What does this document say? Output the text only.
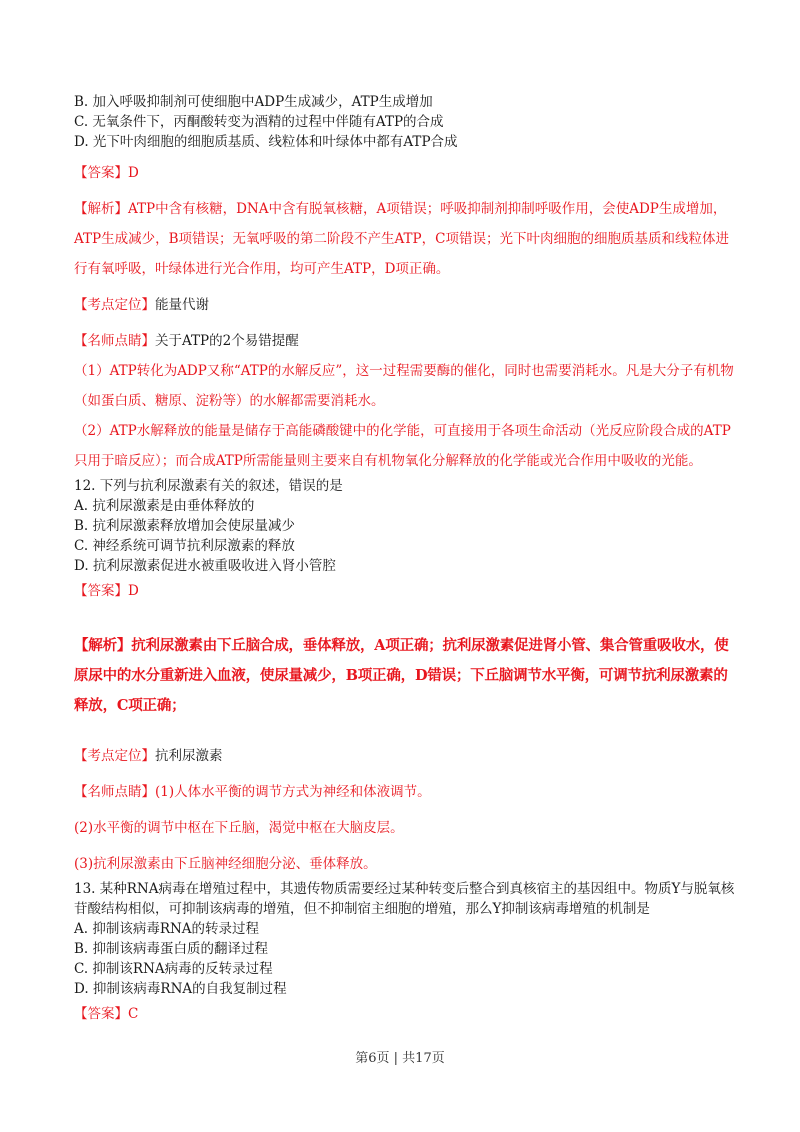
B. 加入呼吸抑制剂可使细胞中ADP生成减少，ATP生成增加

C. 无氧条件下，丙酮酸转变为酒精的过程中伴随有ATP的合成

D. 光下叶肉细胞的细胞质基质、线粒体和叶绿体中都有ATP合成

【答案】D

【解析】ATP中含有核糖，DNA中含有脱氧核糖，A项错误；呼吸抑制剂抑制呼吸作用，会使ADP生成增加，ATP生成减少，B项错误；无氧呼吸的第二阶段不产生ATP，C项错误；光下叶肉细胞的细胞质基质和线粒体进行有氧呼吸，叶绿体进行光合作用，均可产生ATP，D项正确。

【考点定位】能量代谢

【名师点睛】关于ATP的2个易错提醒

（1）ATP转化为ADP又称“ATP的水解反应”，这一过程需要酶的催化，同时也需要消耗水。凡是大分子有机物（如蛋白质、糖原、淀粉等）的水解都需要消耗水。

（2）ATP水解释放的能量是储存于高能磷酸键中的化学能，可直接用于各项生命活动（光反应阶段合成的ATP只用于暗反应）；而合成ATP所需能量则主要来自有机物氧化分解释放的化学能或光合作用中吸收的光能。

12. 下列与抗利尿激素有关的叙述，错误的是

A. 抗利尿激素是由垂体释放的

B. 抗利尿激素释放增加会使尿量减少

C. 神经系统可调节抗利尿激素的释放

D. 抗利尿激素促进水被重吸收进入肾小管腔

【答案】D

【解析】抗利尿激素由下丘脑合成，垂体释放，A项正确；抗利尿激素促进肾小管、集合管重吸收水，使原尿中的水分重新进入血液，使尿量减少，B项正确，D错误；下丘脑调节水平衡，可调节抗利尿激素的释放，C项正确；

【考点定位】抗利尿激素

【名师点睛】(1)人体水平衡的调节方式为神经和体液调节。

(2)水平衡的调节中枢在下丘脑，渴觉中枢在大脑皮层。

(3)抗利尿激素由下丘脑神经细胞分泌、垂体释放。

13. 某种RNA病毒在增殖过程中，其遗传物质需要经过某种转变后整合到真核宿主的基因组中。物质Y与脱氧核苷酸结构相似，可抑制该病毒的增殖，但不抑制宿主细胞的增殖，那么Y抑制该病毒增殖的机制是

A. 抑制该病毒RNA的转录过程

B. 抑制该病毒蛋白质的翻译过程

C. 抑制该RNA病毒的反转录过程

D. 抑制该病毒RNA的自我复制过程

【答案】C

第6页 | 共17页
